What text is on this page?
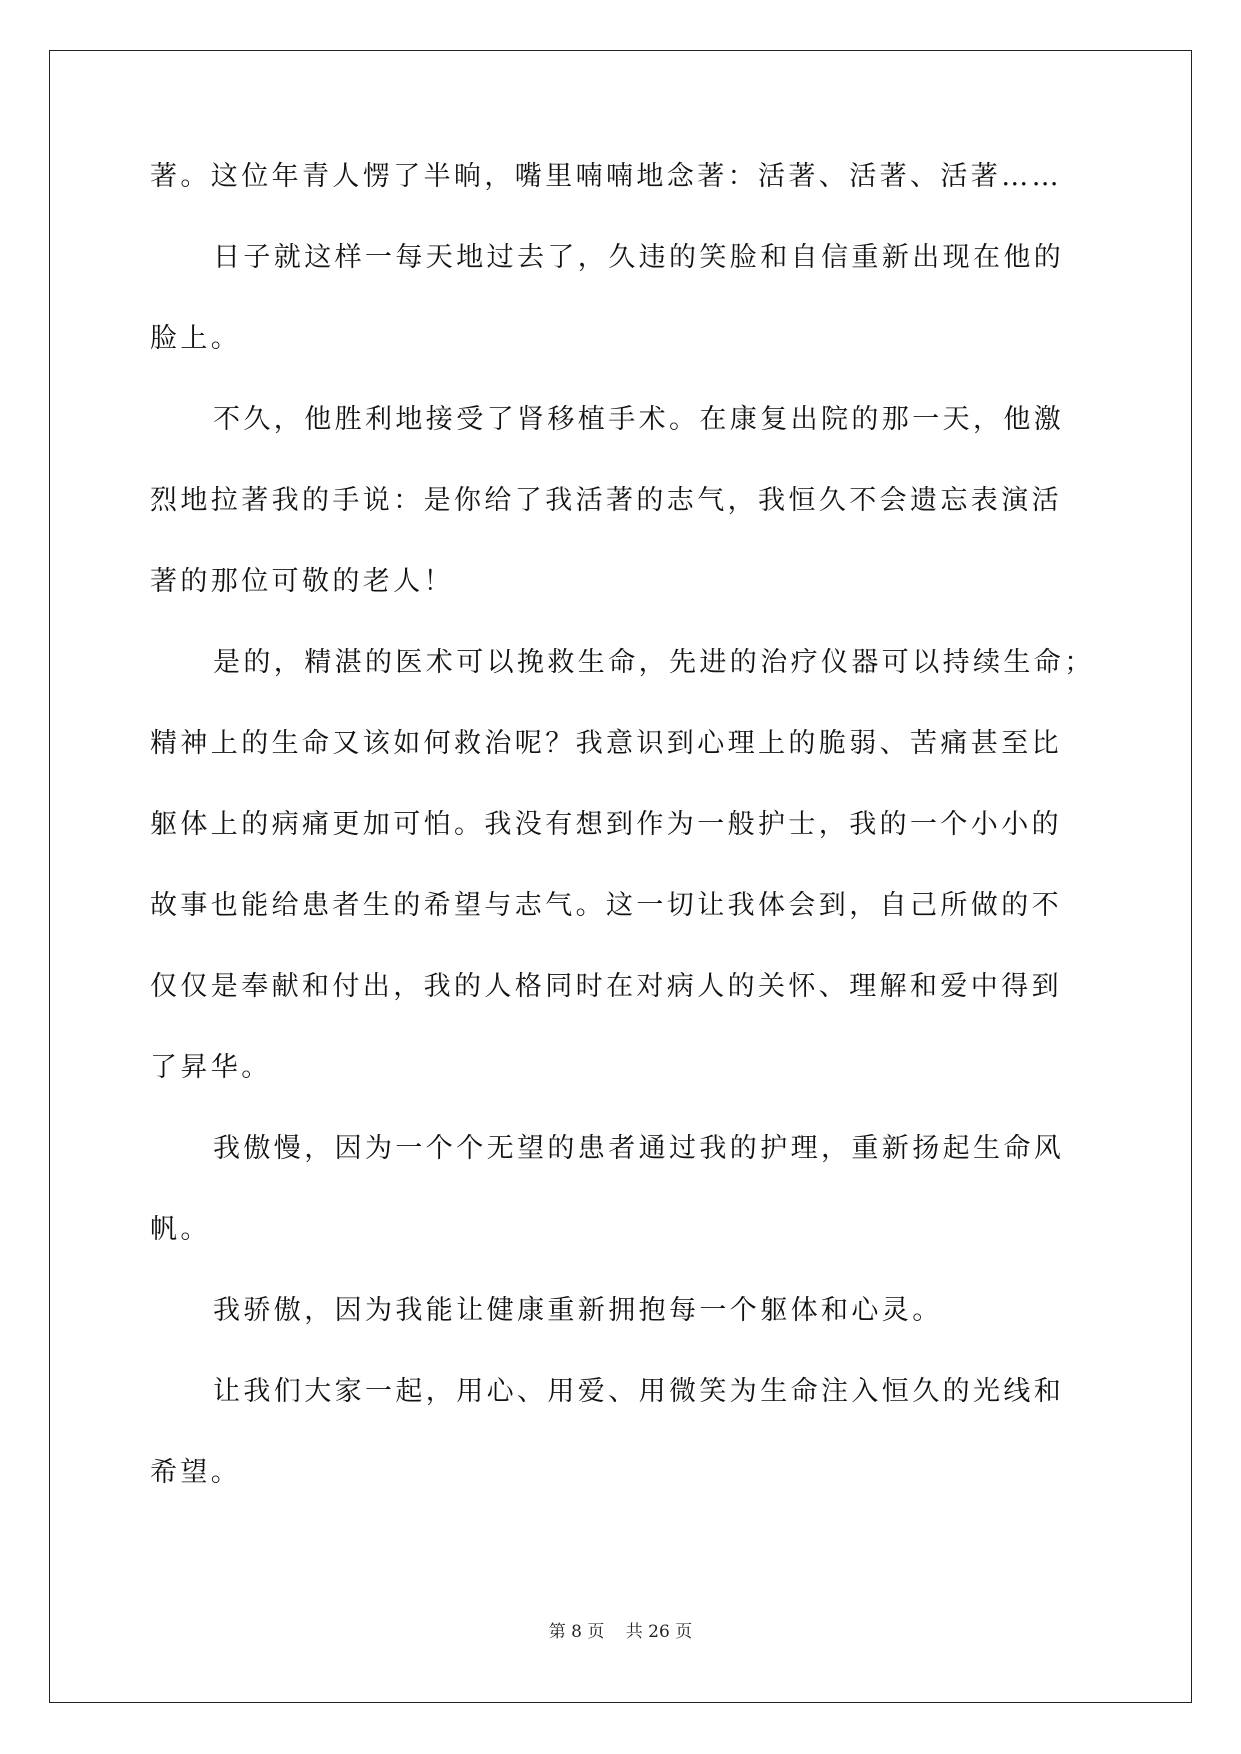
著。这位年青人愣了半晌，嘴里喃喃地念著：活著、活著、活著……
日子就这样一每天地过去了，久违的笑脸和自信重新出现在他的
脸上。
不久，他胜利地接受了肾移植手术。在康复出院的那一天，他激
烈地拉著我的手说：是你给了我活著的志气，我恒久不会遗忘表演活
著的那位可敬的老人！
是的，精湛的医术可以挽救生命，先进的治疗仪器可以持续生命；
精神上的生命又该如何救治呢？我意识到心理上的脆弱、苦痛甚至比
躯体上的病痛更加可怕。我没有想到作为一般护士，我的一个小小的
故事也能给患者生的希望与志气。这一切让我体会到，自己所做的不
仅仅是奉献和付出，我的人格同时在对病人的关怀、理解和爱中得到
了昇华。
我傲慢，因为一个个无望的患者通过我的护理，重新扬起生命风
帆。
我骄傲，因为我能让健康重新拥抱每一个躯体和心灵。
让我们大家一起，用心、用爱、用微笑为生命注入恒久的光线和
希望。
第 8 页 共 26 页
